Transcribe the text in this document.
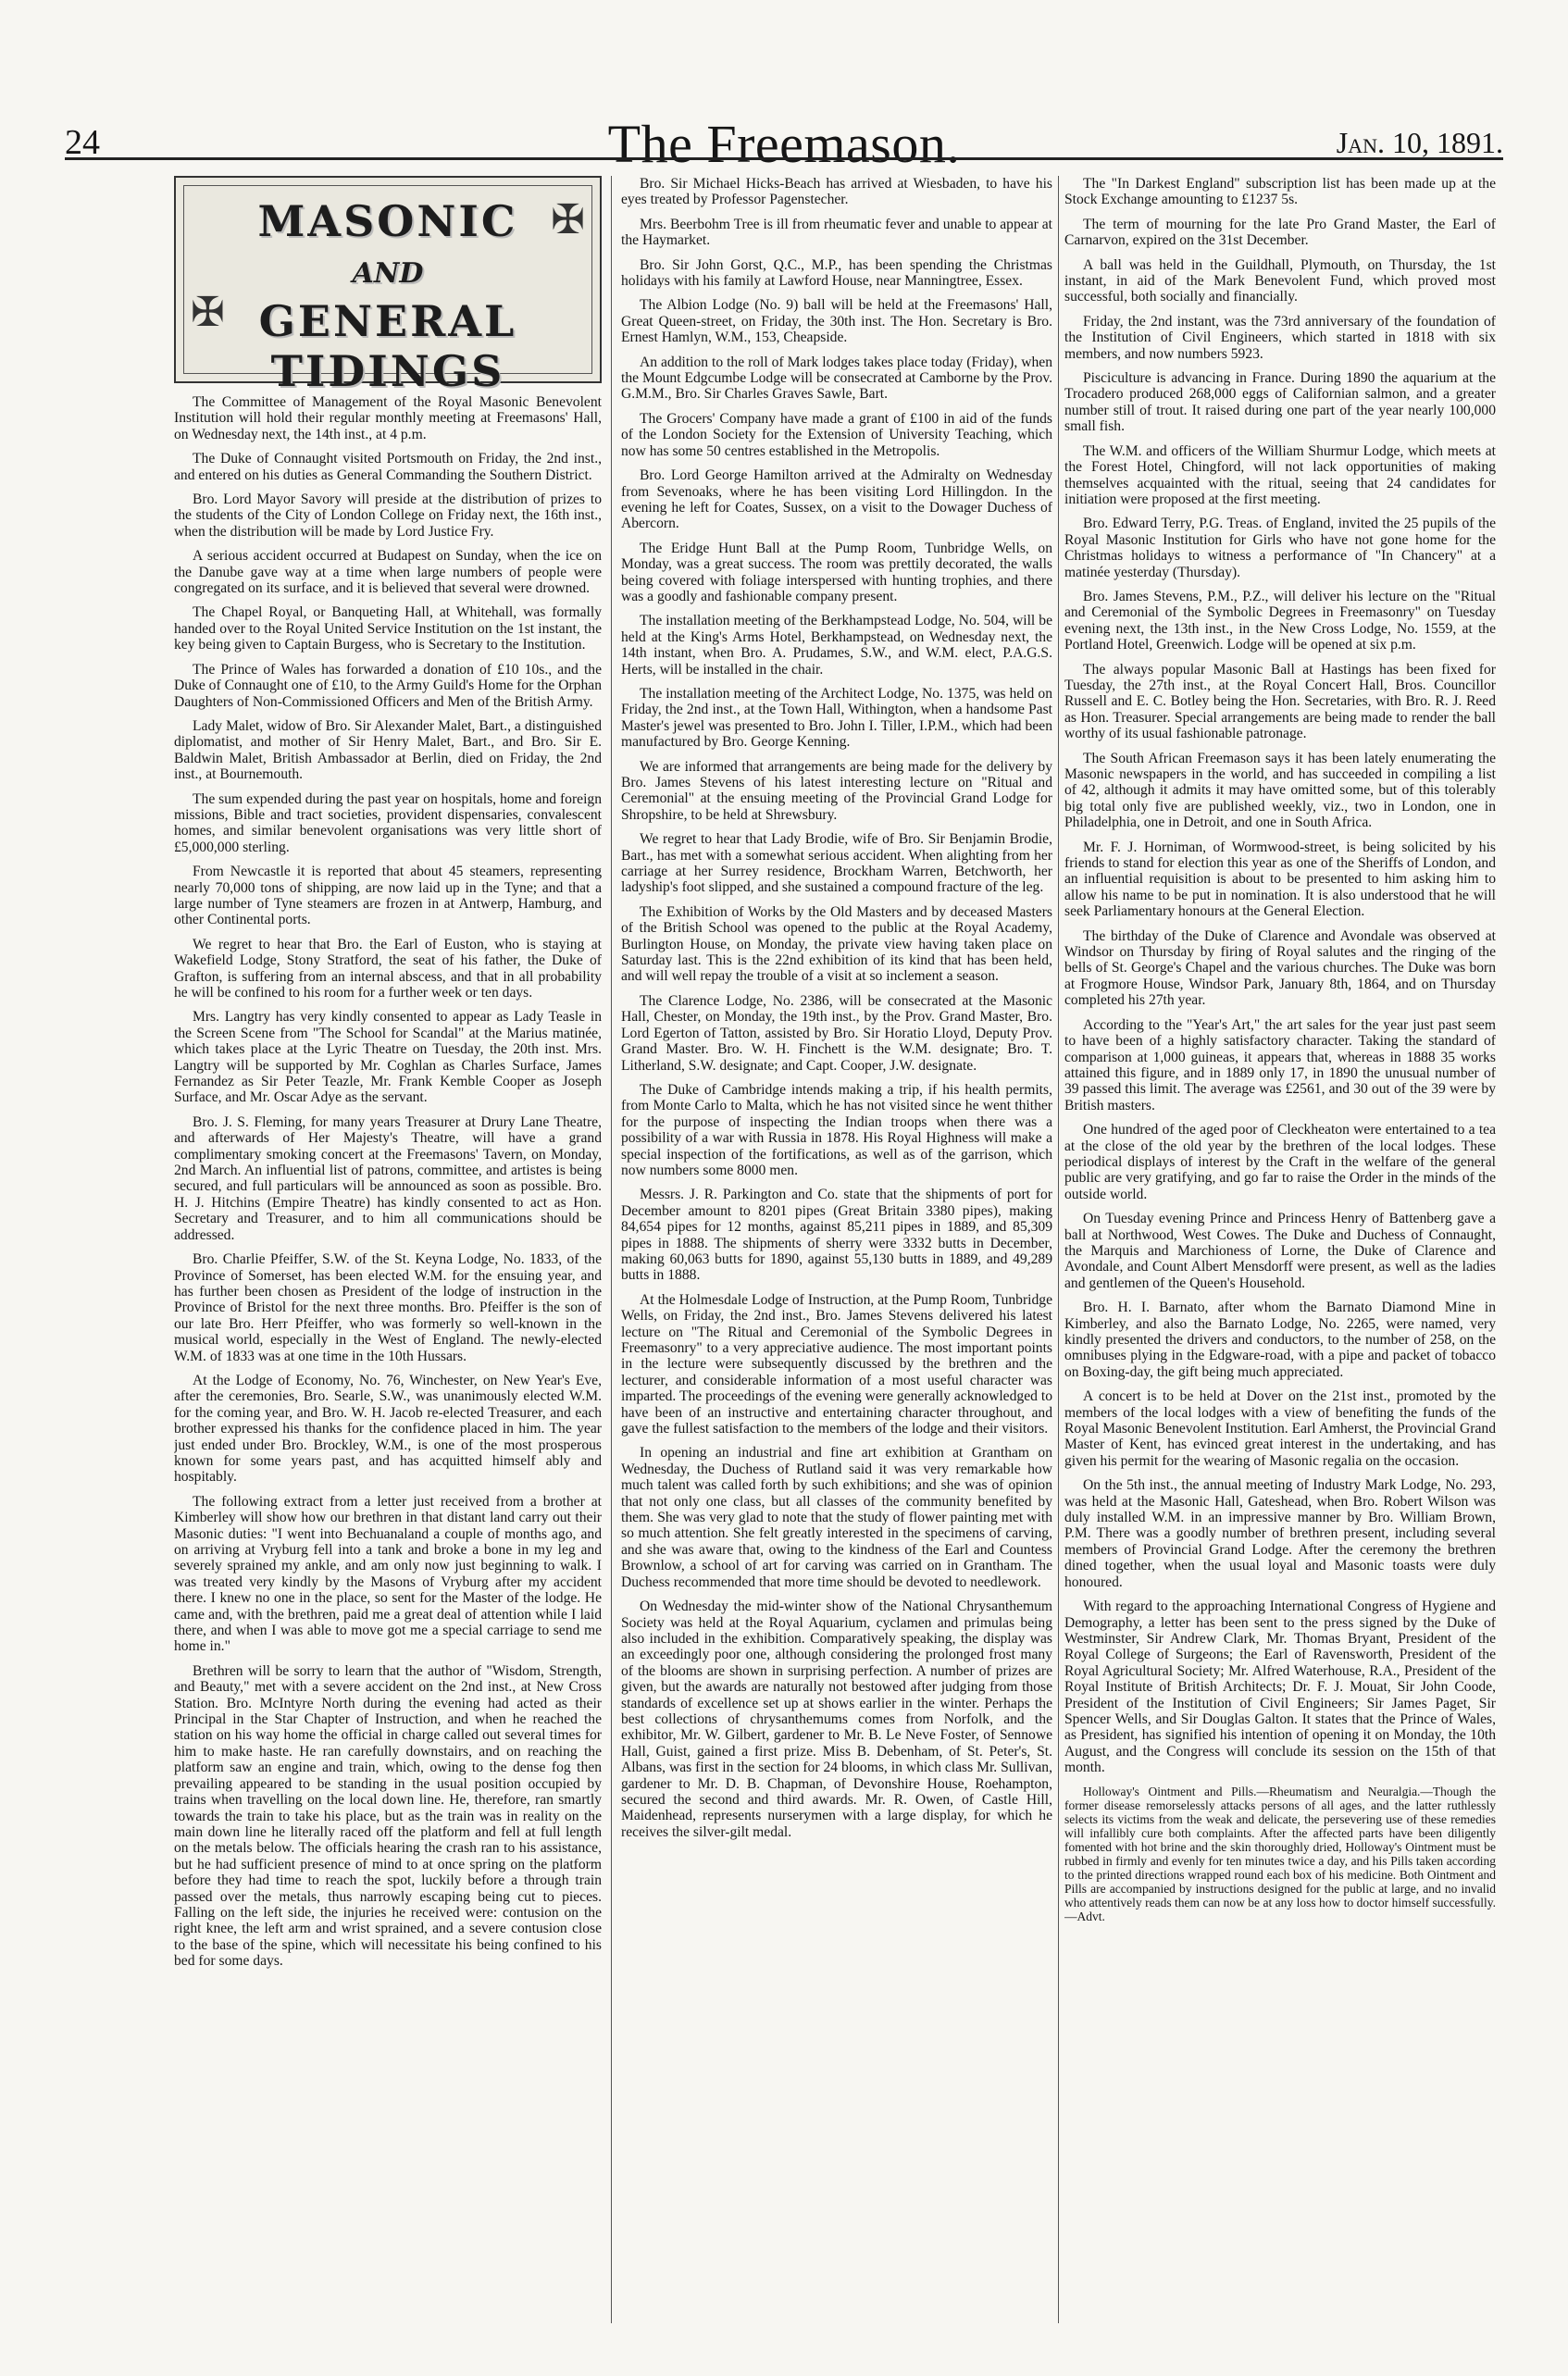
24	The Freemason.	Jan. 10, 1891.
✠
✠
MASONIC
AND
GENERAL TIDINGS

The Committee of Management of the Royal Masonic Benevolent Institution will hold their regular monthly meeting at Freemasons' Hall, on Wednesday next, the 14th inst., at 4 p.m.

The Duke of Connaught visited Portsmouth on Friday, the 2nd inst., and entered on his duties as General Commanding the Southern District.

Bro. Lord Mayor Savory will preside at the distribution of prizes to the students of the City of London College on Friday next, the 16th inst., when the distribution will be made by Lord Justice Fry.

A serious accident occurred at Budapest on Sunday, when the ice on the Danube gave way at a time when large numbers of people were congregated on its surface, and it is believed that several were drowned.

The Chapel Royal, or Banqueting Hall, at Whitehall, was formally handed over to the Royal United Service Institution on the 1st instant, the key being given to Captain Burgess, who is Secretary to the Institution.

The Prince of Wales has forwarded a donation of £10 10s., and the Duke of Connaught one of £10, to the Army Guild's Home for the Orphan Daughters of Non-Commissioned Officers and Men of the British Army.

Lady Malet, widow of Bro. Sir Alexander Malet, Bart., a distinguished diplomatist, and mother of Sir Henry Malet, Bart., and Bro. Sir E. Baldwin Malet, British Ambassador at Berlin, died on Friday, the 2nd inst., at Bournemouth.

The sum expended during the past year on hospitals, home and foreign missions, Bible and tract societies, provident dispensaries, convalescent homes, and similar benevolent organisations was very little short of £5,000,000 sterling.

From Newcastle it is reported that about 45 steamers, representing nearly 70,000 tons of shipping, are now laid up in the Tyne; and that a large number of Tyne steamers are frozen in at Antwerp, Hamburg, and other Continental ports.

We regret to hear that Bro. the Earl of Euston, who is staying at Wakefield Lodge, Stony Stratford, the seat of his father, the Duke of Grafton, is suffering from an internal abscess, and that in all probability he will be confined to his room for a further week or ten days.

Mrs. Langtry has very kindly consented to appear as Lady Teasle in the Screen Scene from "The School for Scandal" at the Marius matinée, which takes place at the Lyric Theatre on Tuesday, the 20th inst. Mrs. Langtry will be supported by Mr. Coghlan as Charles Surface, James Fernandez as Sir Peter Teazle, Mr. Frank Kemble Cooper as Joseph Surface, and Mr. Oscar Adye as the servant.

Bro. J. S. Fleming, for many years Treasurer at Drury Lane Theatre, and afterwards of Her Majesty's Theatre, will have a grand complimentary smoking concert at the Freemasons' Tavern, on Monday, 2nd March. An influential list of patrons, committee, and artistes is being secured, and full particulars will be announced as soon as possible. Bro. H. J. Hitchins (Empire Theatre) has kindly consented to act as Hon. Secretary and Treasurer, and to him all communications should be addressed.

Bro. Charlie Pfeiffer, S.W. of the St. Keyna Lodge, No. 1833, of the Province of Somerset, has been elected W.M. for the ensuing year, and has further been chosen as President of the lodge of instruction in the Province of Bristol for the next three months. Bro. Pfeiffer is the son of our late Bro. Herr Pfeiffer, who was formerly so well-known in the musical world, especially in the West of England. The newly-elected W.M. of 1833 was at one time in the 10th Hussars.

At the Lodge of Economy, No. 76, Winchester, on New Year's Eve, after the ceremonies, Bro. Searle, S.W., was unanimously elected W.M. for the coming year, and Bro. W. H. Jacob re-elected Treasurer, and each brother expressed his thanks for the confidence placed in him. The year just ended under Bro. Brockley, W.M., is one of the most prosperous known for some years past, and has acquitted himself ably and hospitably.

The following extract from a letter just received from a brother at Kimberley will show how our brethren in that distant land carry out their Masonic duties: "I went into Bechuanaland a couple of months ago, and on arriving at Vryburg fell into a tank and broke a bone in my leg and severely sprained my ankle, and am only now just beginning to walk. I was treated very kindly by the Masons of Vryburg after my accident there. I knew no one in the place, so sent for the Master of the lodge. He came and, with the brethren, paid me a great deal of attention while I laid there, and when I was able to move got me a special carriage to send me home in."

Brethren will be sorry to learn that the author of "Wisdom, Strength, and Beauty," met with a severe accident on the 2nd inst., at New Cross Station. Bro. McIntyre North during the evening had acted as their Principal in the Star Chapter of Instruction, and when he reached the station on his way home the official in charge called out several times for him to make haste. He ran carefully downstairs, and on reaching the platform saw an engine and train, which, owing to the dense fog then prevailing appeared to be standing in the usual position occupied by trains when travelling on the local down line. He, therefore, ran smartly towards the train to take his place, but as the train was in reality on the main down line he literally raced off the platform and fell at full length on the metals below. The officials hearing the crash ran to his assistance, but he had sufficient presence of mind to at once spring on the platform before they had time to reach the spot, luckily before a through train passed over the metals, thus narrowly escaping being cut to pieces. Falling on the left side, the injuries he received were: contusion on the right knee, the left arm and wrist sprained, and a severe contusion close to the base of the spine, which will necessitate his being confined to his bed for some days.

Bro. Sir Michael Hicks-Beach has arrived at Wiesbaden, to have his eyes treated by Professor Pagenstecher.

Mrs. Beerbohm Tree is ill from rheumatic fever and unable to appear at the Haymarket.

Bro. Sir John Gorst, Q.C., M.P., has been spending the Christmas holidays with his family at Lawford House, near Manningtree, Essex.

The Albion Lodge (No. 9) ball will be held at the Freemasons' Hall, Great Queen-street, on Friday, the 30th inst. The Hon. Secretary is Bro. Ernest Hamlyn, W.M., 153, Cheapside.

An addition to the roll of Mark lodges takes place today (Friday), when the Mount Edgcumbe Lodge will be consecrated at Camborne by the Prov. G.M.M., Bro. Sir Charles Graves Sawle, Bart.

The Grocers' Company have made a grant of £100 in aid of the funds of the London Society for the Extension of University Teaching, which now has some 50 centres established in the Metropolis.

Bro. Lord George Hamilton arrived at the Admiralty on Wednesday from Sevenoaks, where he has been visiting Lord Hillingdon. In the evening he left for Coates, Sussex, on a visit to the Dowager Duchess of Abercorn.

The Eridge Hunt Ball at the Pump Room, Tunbridge Wells, on Monday, was a great success. The room was prettily decorated, the walls being covered with foliage interspersed with hunting trophies, and there was a goodly and fashionable company present.

The installation meeting of the Berkhampstead Lodge, No. 504, will be held at the King's Arms Hotel, Berkhampstead, on Wednesday next, the 14th instant, when Bro. A. Prudames, S.W., and W.M. elect, P.A.G.S. Herts, will be installed in the chair.

The installation meeting of the Architect Lodge, No. 1375, was held on Friday, the 2nd inst., at the Town Hall, Withington, when a handsome Past Master's jewel was presented to Bro. John I. Tiller, I.P.M., which had been manufactured by Bro. George Kenning.

We are informed that arrangements are being made for the delivery by Bro. James Stevens of his latest interesting lecture on "Ritual and Ceremonial" at the ensuing meeting of the Provincial Grand Lodge for Shropshire, to be held at Shrewsbury.

We regret to hear that Lady Brodie, wife of Bro. Sir Benjamin Brodie, Bart., has met with a somewhat serious accident. When alighting from her carriage at her Surrey residence, Brockham Warren, Betchworth, her ladyship's foot slipped, and she sustained a compound fracture of the leg.

The Exhibition of Works by the Old Masters and by deceased Masters of the British School was opened to the public at the Royal Academy, Burlington House, on Monday, the private view having taken place on Saturday last. This is the 22nd exhibition of its kind that has been held, and will well repay the trouble of a visit at so inclement a season.

The Clarence Lodge, No. 2386, will be consecrated at the Masonic Hall, Chester, on Monday, the 19th inst., by the Prov. Grand Master, Bro. Lord Egerton of Tatton, assisted by Bro. Sir Horatio Lloyd, Deputy Prov. Grand Master. Bro. W. H. Finchett is the W.M. designate; Bro. T. Litherland, S.W. designate; and Capt. Cooper, J.W. designate.

The Duke of Cambridge intends making a trip, if his health permits, from Monte Carlo to Malta, which he has not visited since he went thither for the purpose of inspecting the Indian troops when there was a possibility of a war with Russia in 1878. His Royal Highness will make a special inspection of the fortifications, as well as of the garrison, which now numbers some 8000 men.

Messrs. J. R. Parkington and Co. state that the shipments of port for December amount to 8201 pipes (Great Britain 3380 pipes), making 84,654 pipes for 12 months, against 85,211 pipes in 1889, and 85,309 pipes in 1888. The shipments of sherry were 3332 butts in December, making 60,063 butts for 1890, against 55,130 butts in 1889, and 49,289 butts in 1888.

At the Holmesdale Lodge of Instruction, at the Pump Room, Tunbridge Wells, on Friday, the 2nd inst., Bro. James Stevens delivered his latest lecture on "The Ritual and Ceremonial of the Symbolic Degrees in Freemasonry" to a very appreciative audience. The most important points in the lecture were subsequently discussed by the brethren and the lecturer, and considerable information of a most useful character was imparted. The proceedings of the evening were generally acknowledged to have been of an instructive and entertaining character throughout, and gave the fullest satisfaction to the members of the lodge and their visitors.

In opening an industrial and fine art exhibition at Grantham on Wednesday, the Duchess of Rutland said it was very remarkable how much talent was called forth by such exhibitions; and she was of opinion that not only one class, but all classes of the community benefited by them. She was very glad to note that the study of flower painting met with so much attention. She felt greatly interested in the specimens of carving, and she was aware that, owing to the kindness of the Earl and Countess Brownlow, a school of art for carving was carried on in Grantham. The Duchess recommended that more time should be devoted to needlework.

On Wednesday the mid-winter show of the National Chrysanthemum Society was held at the Royal Aquarium, cyclamen and primulas being also included in the exhibition. Comparatively speaking, the display was an exceedingly poor one, although considering the prolonged frost many of the blooms are shown in surprising perfection. A number of prizes are given, but the awards are naturally not bestowed after judging from those standards of excellence set up at shows earlier in the winter. Perhaps the best collections of chrysanthemums comes from Norfolk, and the exhibitor, Mr. W. Gilbert, gardener to Mr. B. Le Neve Foster, of Sennowe Hall, Guist, gained a first prize. Miss B. Debenham, of St. Peter's, St. Albans, was first in the section for 24 blooms, in which class Mr. Sullivan, gardener to Mr. D. B. Chapman, of Devonshire House, Roehampton, secured the second and third awards. Mr. R. Owen, of Castle Hill, Maidenhead, represents nurserymen with a large display, for which he receives the silver-gilt medal.

The "In Darkest England" subscription list has been made up at the Stock Exchange amounting to £1237 5s.

The term of mourning for the late Pro Grand Master, the Earl of Carnarvon, expired on the 31st December.

A ball was held in the Guildhall, Plymouth, on Thursday, the 1st instant, in aid of the Mark Benevolent Fund, which proved most successful, both socially and financially.

Friday, the 2nd instant, was the 73rd anniversary of the foundation of the Institution of Civil Engineers, which started in 1818 with six members, and now numbers 5923.

Pisciculture is advancing in France. During 1890 the aquarium at the Trocadero produced 268,000 eggs of Californian salmon, and a greater number still of trout. It raised during one part of the year nearly 100,000 small fish.

The W.M. and officers of the William Shurmur Lodge, which meets at the Forest Hotel, Chingford, will not lack opportunities of making themselves acquainted with the ritual, seeing that 24 candidates for initiation were proposed at the first meeting.

Bro. Edward Terry, P.G. Treas. of England, invited the 25 pupils of the Royal Masonic Institution for Girls who have not gone home for the Christmas holidays to witness a performance of "In Chancery" at a matinée yesterday (Thursday).

Bro. James Stevens, P.M., P.Z., will deliver his lecture on the "Ritual and Ceremonial of the Symbolic Degrees in Freemasonry" on Tuesday evening next, the 13th inst., in the New Cross Lodge, No. 1559, at the Portland Hotel, Greenwich. Lodge will be opened at six p.m.

The always popular Masonic Ball at Hastings has been fixed for Tuesday, the 27th inst., at the Royal Concert Hall, Bros. Councillor Russell and E. C. Botley being the Hon. Secretaries, with Bro. R. J. Reed as Hon. Treasurer. Special arrangements are being made to render the ball worthy of its usual fashionable patronage.

The South African Freemason says it has been lately enumerating the Masonic newspapers in the world, and has succeeded in compiling a list of 42, although it admits it may have omitted some, but of this tolerably big total only five are published weekly, viz., two in London, one in Philadelphia, one in Detroit, and one in South Africa.

Mr. F. J. Horniman, of Wormwood-street, is being solicited by his friends to stand for election this year as one of the Sheriffs of London, and an influential requisition is about to be presented to him asking him to allow his name to be put in nomination. It is also understood that he will seek Parliamentary honours at the General Election.

The birthday of the Duke of Clarence and Avondale was observed at Windsor on Thursday by firing of Royal salutes and the ringing of the bells of St. George's Chapel and the various churches. The Duke was born at Frogmore House, Windsor Park, January 8th, 1864, and on Thursday completed his 27th year.

According to the "Year's Art," the art sales for the year just past seem to have been of a highly satisfactory character. Taking the standard of comparison at 1,000 guineas, it appears that, whereas in 1888 35 works attained this figure, and in 1889 only 17, in 1890 the unusual number of 39 passed this limit. The average was £2561, and 30 out of the 39 were by British masters.

One hundred of the aged poor of Cleckheaton were entertained to a tea at the close of the old year by the brethren of the local lodges. These periodical displays of interest by the Craft in the welfare of the general public are very gratifying, and go far to raise the Order in the minds of the outside world.

On Tuesday evening Prince and Princess Henry of Battenberg gave a ball at Northwood, West Cowes. The Duke and Duchess of Connaught, the Marquis and Marchioness of Lorne, the Duke of Clarence and Avondale, and Count Albert Mensdorff were present, as well as the ladies and gentlemen of the Queen's Household.

Bro. H. I. Barnato, after whom the Barnato Diamond Mine in Kimberley, and also the Barnato Lodge, No. 2265, were named, very kindly presented the drivers and conductors, to the number of 258, on the omnibuses plying in the Edgware-road, with a pipe and packet of tobacco on Boxing-day, the gift being much appreciated.

A concert is to be held at Dover on the 21st inst., promoted by the members of the local lodges with a view of benefiting the funds of the Royal Masonic Benevolent Institution. Earl Amherst, the Provincial Grand Master of Kent, has evinced great interest in the undertaking, and has given his permit for the wearing of Masonic regalia on the occasion.

On the 5th inst., the annual meeting of Industry Mark Lodge, No. 293, was held at the Masonic Hall, Gateshead, when Bro. Robert Wilson was duly installed W.M. in an impressive manner by Bro. William Brown, P.M. There was a goodly number of brethren present, including several members of Provincial Grand Lodge. After the ceremony the brethren dined together, when the usual loyal and Masonic toasts were duly honoured.

With regard to the approaching International Congress of Hygiene and Demography, a letter has been sent to the press signed by the Duke of Westminster, Sir Andrew Clark, Mr. Thomas Bryant, President of the Royal College of Surgeons; the Earl of Ravensworth, President of the Royal Agricultural Society; Mr. Alfred Waterhouse, R.A., President of the Royal Institute of British Architects; Dr. F. J. Mouat, Sir John Coode, President of the Institution of Civil Engineers; Sir James Paget, Sir Spencer Wells, and Sir Douglas Galton. It states that the Prince of Wales, as President, has signified his intention of opening it on Monday, the 10th August, and the Congress will conclude its session on the 15th of that month.

Holloway's Ointment and Pills.—Rheumatism and Neuralgia.—Though the former disease remorselessly attacks persons of all ages, and the latter ruthlessly selects its victims from the weak and delicate, the persevering use of these remedies will infallibly cure both complaints. After the affected parts have been diligently fomented with hot brine and the skin thoroughly dried, Holloway's Ointment must be rubbed in firmly and evenly for ten minutes twice a day, and his Pills taken according to the printed directions wrapped round each box of his medicine. Both Ointment and Pills are accompanied by instructions designed for the public at large, and no invalid who attentively reads them can now be at any loss how to doctor himself successfully.—Advt.
